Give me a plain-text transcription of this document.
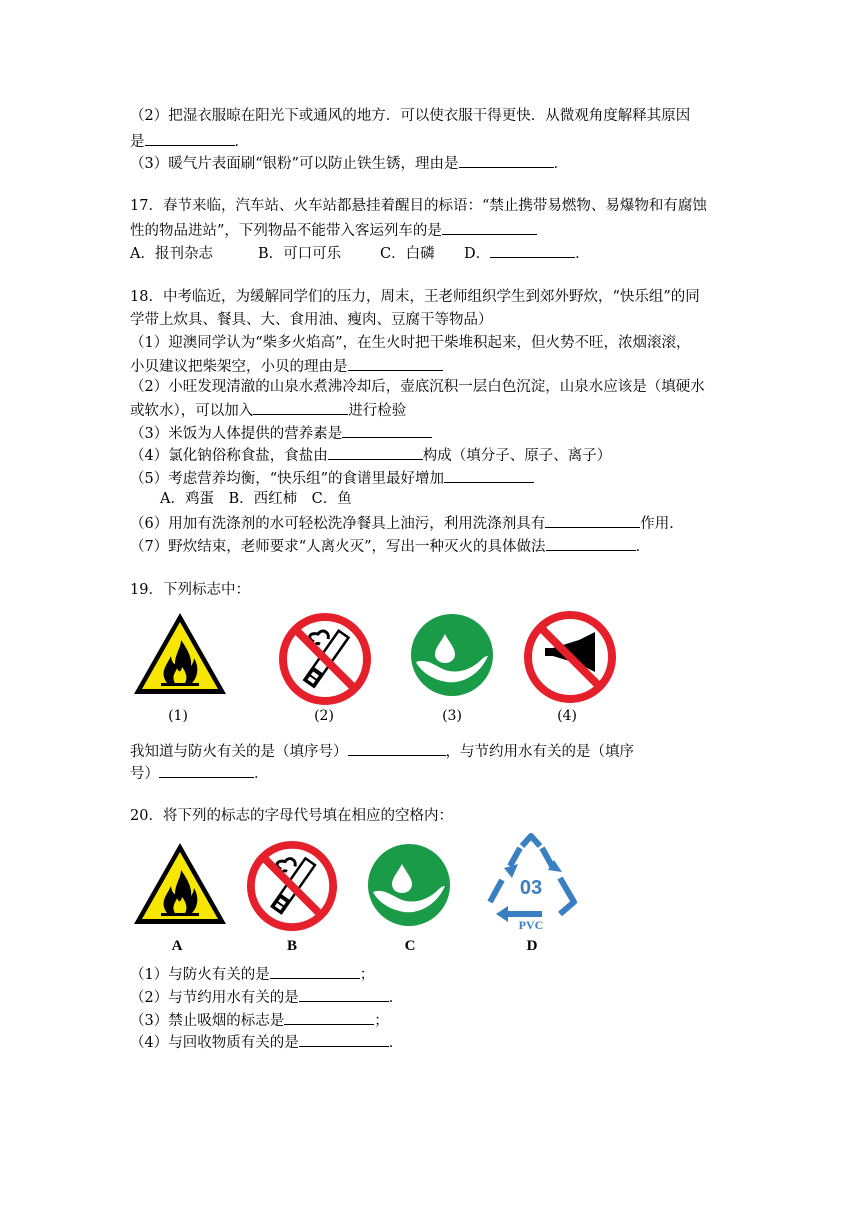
（2）把湿衣服晾在阳光下或通风的地方．可以使衣服干得更快．从微观角度解释其原因
是	．
（3）暖气片表面刷“银粉”可以防止铁生锈，理由是	．
17．春节来临，汽车站、火车站都悬挂着醒目的标语：“禁止携带易燃物、易爆物和有腐蚀
性的物品进站”，下列物品不能带入客运列车的是
A．报刊杂志	B．可口可乐	C．白磷 D．	．
18．中考临近，为缓解同学们的压力，周末，王老师组织学生到郊外野炊，“快乐组”的同
学带上炊具、餐具、大、食用油、瘦肉、豆腐干等物品）
（1）迎澳同学认为“柴多火焰高”，在生火时把干柴堆积起来，但火势不旺，浓烟滚滚，
小贝建议把柴架空，小贝的理由是
（2）小旺发现清澈的山泉水煮沸冷却后，壶底沉积一层白色沉淀，山泉水应该是（填硬水
或软水），可以加入	进行检验
（3）米饭为人体提供的营养素是
（4）氯化钠俗称食盐，食盐由	构成（填分子、原子、离子）
（5）考虑营养均衡，“快乐组”的食谱里最好增加
A．鸡蛋　B．西红柿　C．鱼
（6）用加有洗涤剂的水可轻松洗净餐具上油污，利用洗涤剂具有	作用．
（7）野炊结束，老师要求“人离火灭”，写出一种灭火的具体做法	．
19．下列标志中：
(1)	(2)	(3)	(4)
我知道与防火有关的是（填序号）	，与节约用水有关的是（填序
号）	．
20．将下列的标志的字母代号填在相应的空格内：
03
PVC
A	B	C	D
（1）与防火有关的是	；
（2）与节约用水有关的是	．
（3）禁止吸烟的标志是	；
（4）与回收物质有关的是	．
